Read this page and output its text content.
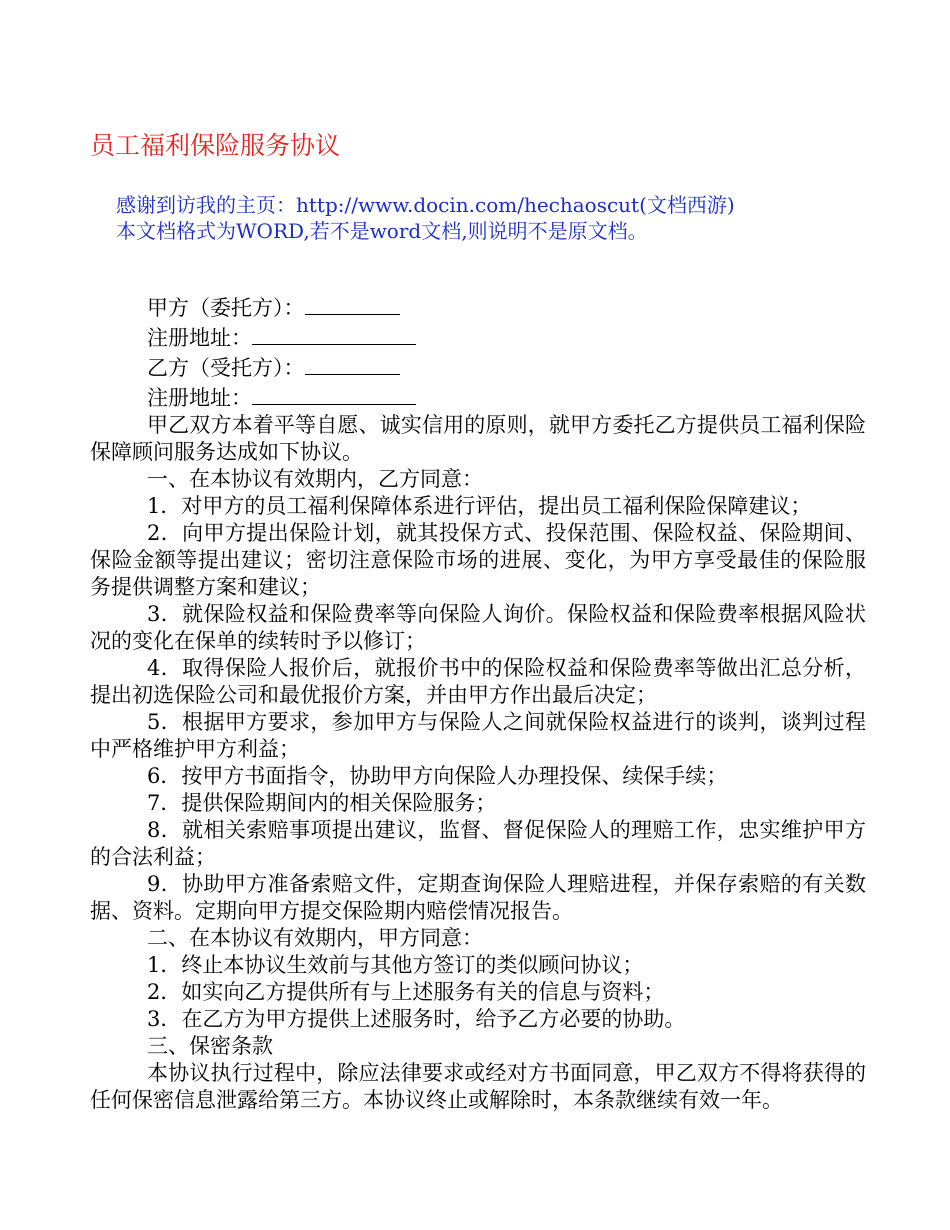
员工福利保险服务协议
感谢到访我的主页：http://www.docin.com/hechaoscut(文档西游)
本文档格式为WORD,若不是word文档,则说明不是原文档。
甲方（委托方）：
注册地址：
乙方（受托方）：
注册地址：

甲乙双方本着平等自愿、诚实信用的原则，就甲方委托乙方提供员工福利保险保障顾问服务达成如下协议。

一、在本协议有效期内，乙方同意：

1．对甲方的员工福利保障体系进行评估，提出员工福利保险保障建议；

2．向甲方提出保险计划，就其投保方式、投保范围、保险权益、保险期间、保险金额等提出建议；密切注意保险市场的进展、变化，为甲方享受最佳的保险服务提供调整方案和建议；

3．就保险权益和保险费率等向保险人询价。保险权益和保险费率根据风险状况的变化在保单的续转时予以修订；

4．取得保险人报价后，就报价书中的保险权益和保险费率等做出汇总分析，提出初选保险公司和最优报价方案，并由甲方作出最后决定；

5．根据甲方要求，参加甲方与保险人之间就保险权益进行的谈判，谈判过程中严格维护甲方利益；

6．按甲方书面指令，协助甲方向保险人办理投保、续保手续；

7．提供保险期间内的相关保险服务；

8．就相关索赔事项提出建议，监督、督促保险人的理赔工作，忠实维护甲方的合法利益；

9．协助甲方准备索赔文件，定期查询保险人理赔进程，并保存索赔的有关数据、资料。定期向甲方提交保险期内赔偿情况报告。

二、在本协议有效期内，甲方同意：

1．终止本协议生效前与其他方签订的类似顾问协议；

2．如实向乙方提供所有与上述服务有关的信息与资料；

3．在乙方为甲方提供上述服务时，给予乙方必要的协助。

三、保密条款

本协议执行过程中，除应法律要求或经对方书面同意，甲乙双方不得将获得的任何保密信息泄露给第三方。本协议终止或解除时，本条款继续有效一年。
